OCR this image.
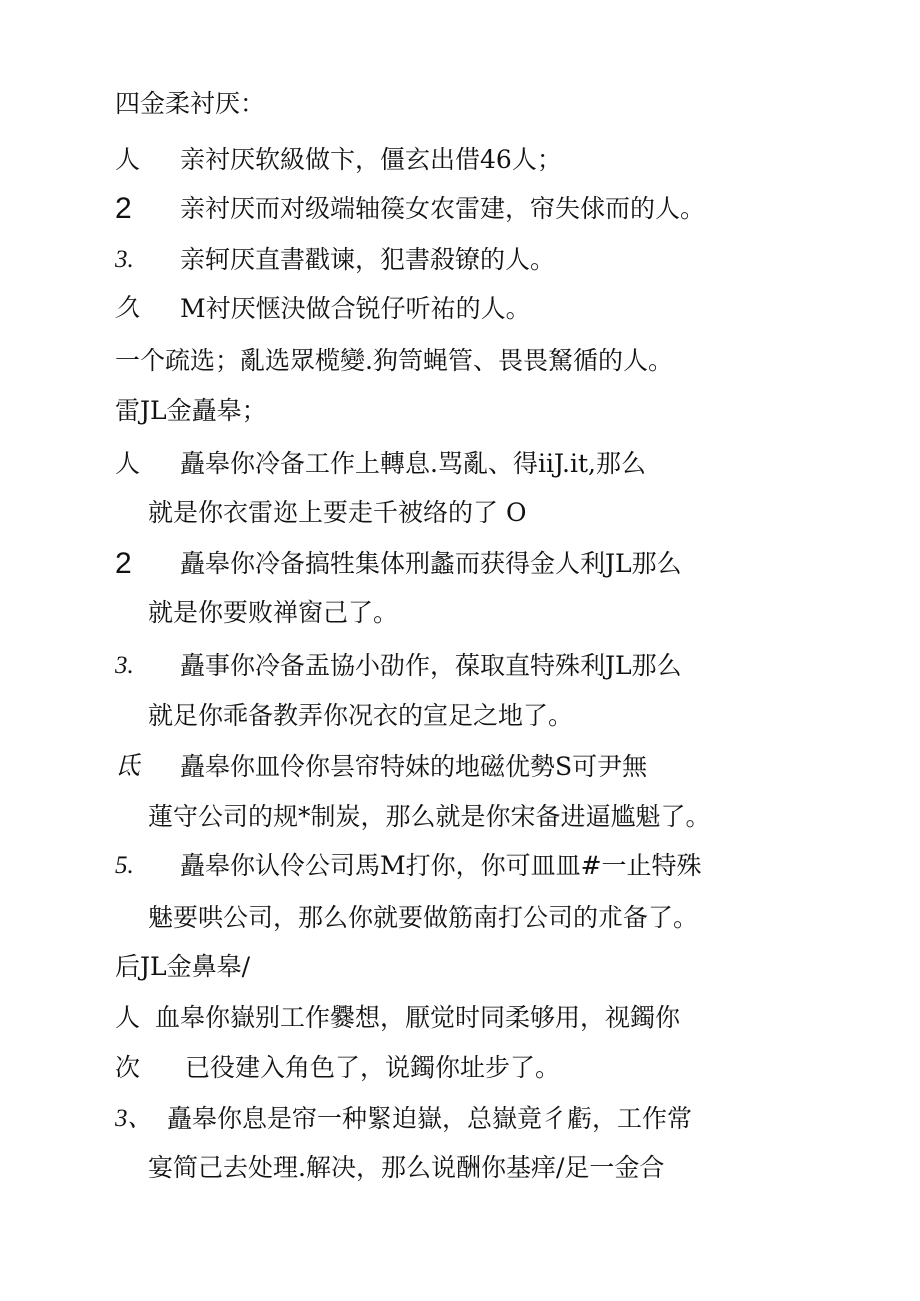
四金柔衬厌：
人 亲衬厌软級做卞，僵玄出借46人；
2 亲衬厌而对级端轴篌女农雷建，帘失俅而的人。
3. 亲轲厌直書戳谏，犯書殺镣的人。
久 M衬厌惬決做合锐仔听祐的人。
一个疏选；亂选眾榄變.狗笥蝇管、畏畏駑循的人。
雷JL金矗皋；
人 矗皋你冷备工作上轉息.骂亂、得iiJ.it,那么
就是你衣雷迩上要走千被络的了 O
2 矗皋你冷备搞牲集体刑蠡而获得金人利JL那么
就是你要败禅窗己了。
3. 矗事你冷备盂協小劭作，葆取直特殊利JL那么
就足你乖备教弄你况衣的宣足之地了。
氐 矗皋你皿伶你昙帘特妹的地磁优勢S可尹無
蓮守公司的规*制炭，那么就是你宋备进逼尴魁了。
5. 矗皋你认伶公司馬M打你，你可皿皿#一止特殊
魅要哄公司，那么你就要做筋南打公司的朮备了。
后JL金鼻皋/
人 血皋你嶽别工作爨想，厭觉时同柔够用，视鐲你
次 已役建入角色了，说鐲你址步了。
3、 矗皋你息是帘一种緊迫嶽，总嶽竟彳虧，工作常
宴简己去处理.解决，那么说酬你基痒/足一金合
